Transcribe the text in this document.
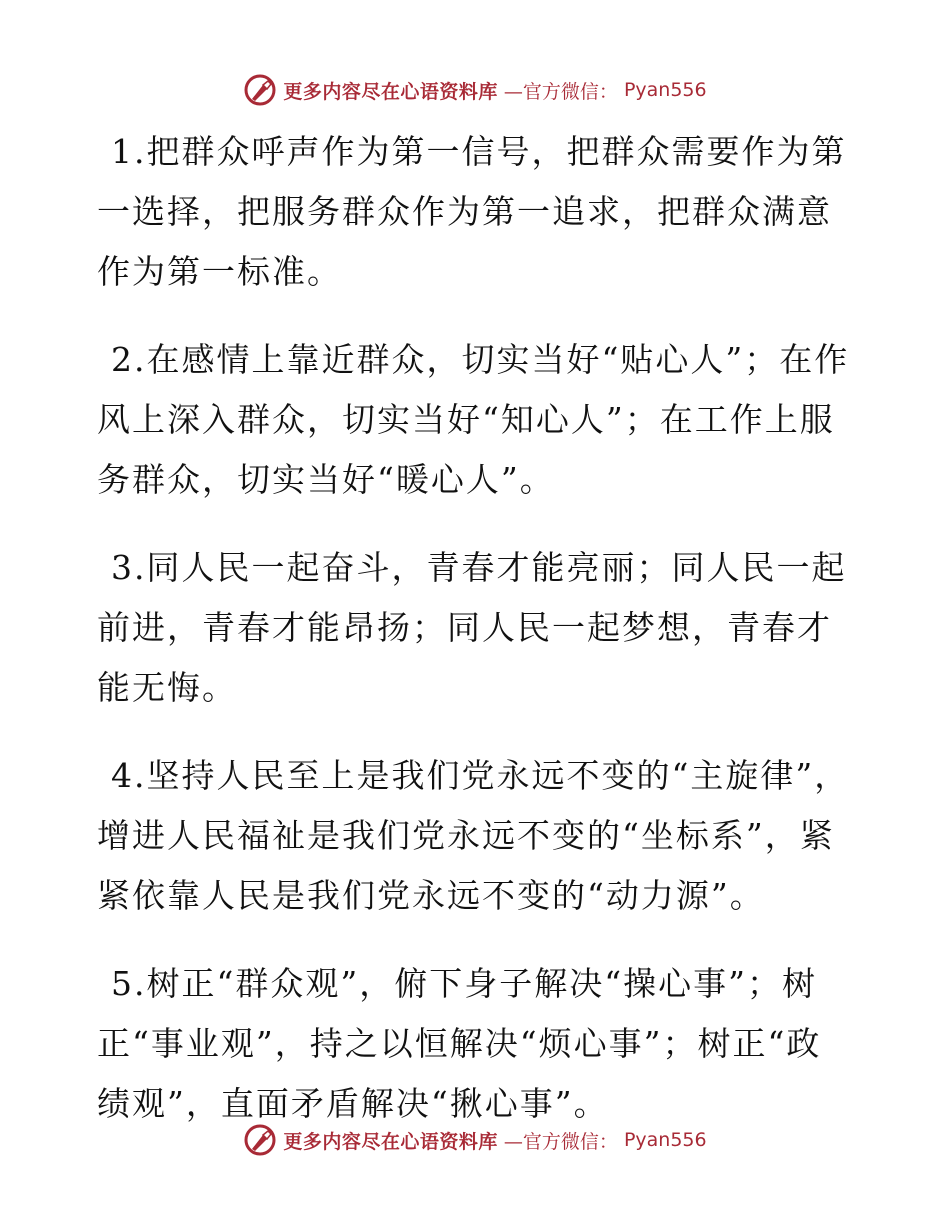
更多内容尽在心语资料库 —官方微信： Pyan556

1.把群众呼声作为第一信号，把群众需要作为第一选择，把服务群众作为第一追求，把群众满意作为第一标准。

2.在感情上靠近群众，切实当好“贴心人”；在作风上深入群众，切实当好“知心人”；在工作上服务群众，切实当好“暖心人”。

3.同人民一起奋斗，青春才能亮丽；同人民一起前进，青春才能昂扬；同人民一起梦想，青春才能无悔。

4.坚持人民至上是我们党永远不变的“主旋律”，增进人民福祉是我们党永远不变的“坐标系”，紧紧依靠人民是我们党永远不变的“动力源”。

5.树正“群众观”，俯下身子解决“操心事”；树正“事业观”，持之以恒解决“烦心事”；树正“政绩观”，直面矛盾解决“揪心事”。

更多内容尽在心语资料库 —官方微信： Pyan556
